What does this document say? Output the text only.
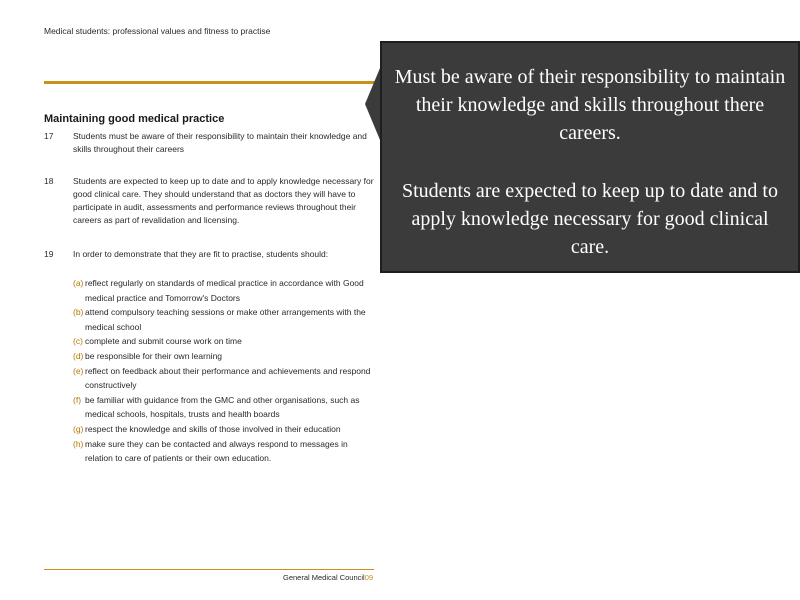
Medical students: professional values and fitness to practise
Maintaining good medical practice
17	Students must be aware of their responsibility to maintain their knowledge and skills throughout their careers
18	Students are expected to keep up to date and to apply knowledge necessary for good clinical care. They should understand that as doctors they will have to participate in audit, assessments and performance reviews throughout their careers as part of revalidation and licensing.
19	In order to demonstrate that they are fit to practise, students should:
(a) reflect regularly on standards of medical practice in accordance with Good medical practice and Tomorrow's Doctors
(b) attend compulsory teaching sessions or make other arrangements with the medical school
(c) complete and submit course work on time
(d) be responsible for their own learning
(e) reflect on feedback about their performance and achievements and respond constructively
(f) be familiar with guidance from the GMC and other organisations, such as medical schools, hospitals, trusts and health boards
(g) respect the knowledge and skills of those involved in their education
(h) make sure they can be contacted and always respond to messages in relation to care of patients or their own education.
General Medical Council09
Must be aware of their responsibility to maintain their knowledge and skills throughout there careers.
Students are expected to keep up to date and to apply knowledge necessary for good clinical care.
